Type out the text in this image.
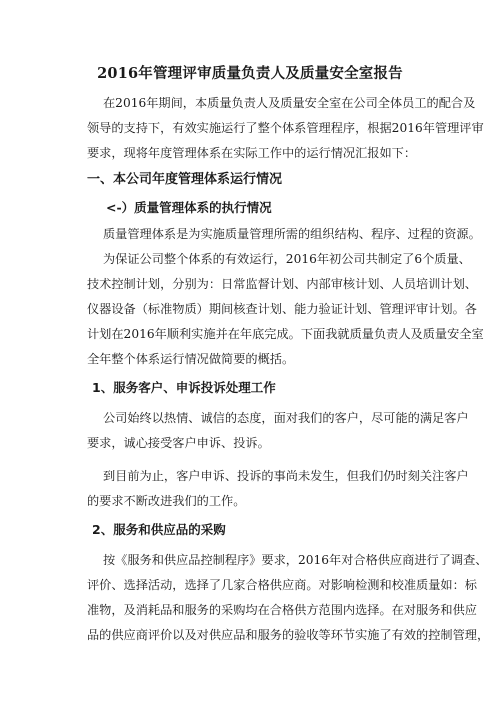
2016年管理评审质量负责人及质量安全室报告
在2016年期间，本质量负责人及质量安全室在公司全体员工的配合及
领导的支持下，有效实施运行了整个体系管理程序，根据2016年管理评审
要求，现将年度管理体系在实际工作中的运行情况汇报如下：
一、本公司年度管理体系运行情况
<-）质量管理体系的执行情况
质量管理体系是为实施质量管理所需的组织结构、程序、过程的资源。
为保证公司整个体系的有效运行，2016年初公司共制定了6个质量、
技术控制计划，分别为：日常监督计划、内部审核计划、人员培训计划、
仪器设备（标准物质）期间核查计划、能力验证计划、管理评审计划。各
计划在2016年顺利实施并在年底完成。下面我就质量负责人及质量安全室
全年整个体系运行情况做简要的概括。
1、服务客户、申诉投诉处理工作
公司始终以热情、诚信的态度，面对我们的客户，尽可能的满足客户
要求，诚心接受客户申诉、投诉。
到目前为止，客户申诉、投诉的事尚未发生，但我们仍时刻关注客户
的要求不断改进我们的工作。
2、服务和供应品的采购
按《服务和供应品控制程序》要求，2016年对合格供应商进行了调查、
评价、选择活动，选择了几家合格供应商。对影响检测和校准质量如：标
准物，及消耗品和服务的采购均在合格供方范围内选择。在对服务和供应
品的供应商评价以及对供应品和服务的验收等环节实施了有效的控制管理，
